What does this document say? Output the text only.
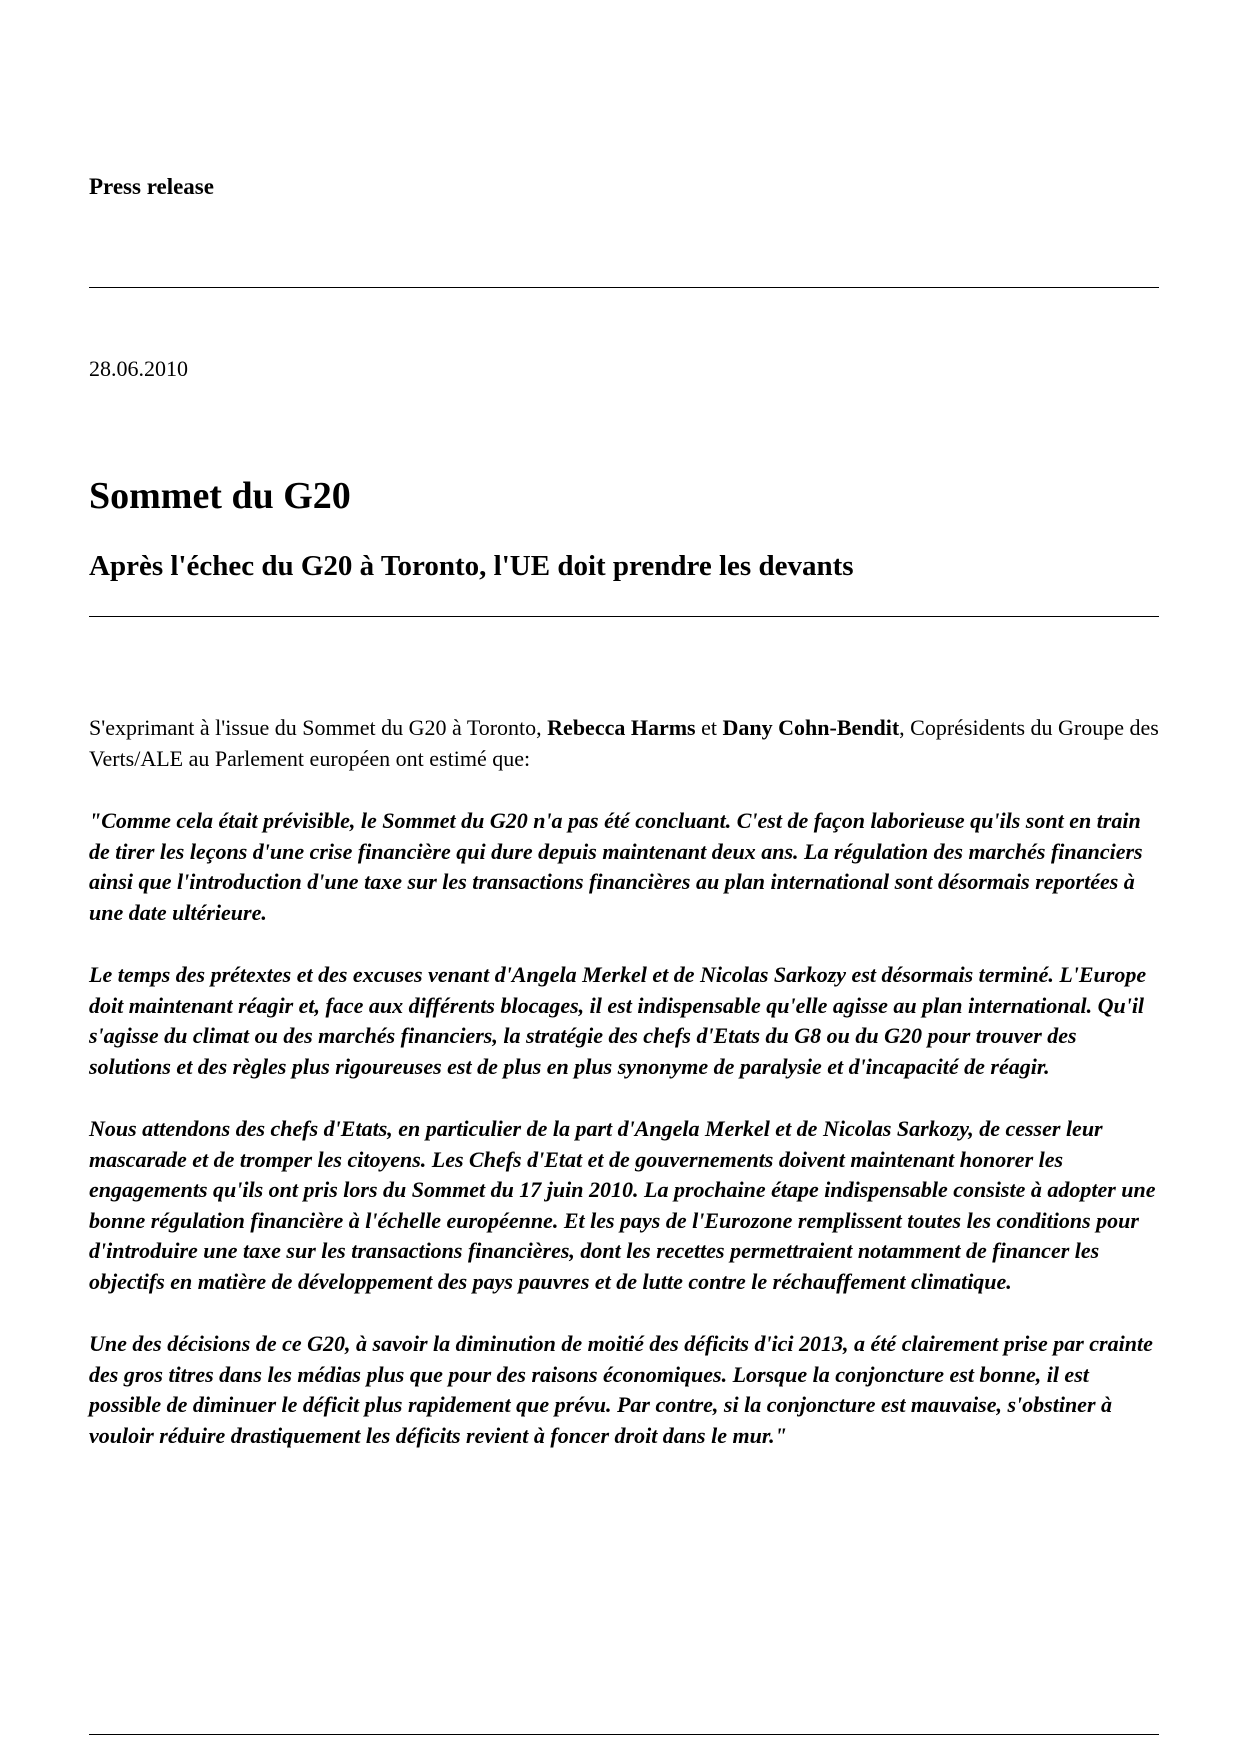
Press release

28.06.2010

Sommet du G20
Après l'échec du G20 à Toronto, l'UE doit prendre les devants

S'exprimant à l'issue du Sommet du G20 à Toronto, Rebecca Harms et Dany Cohn-Bendit, Coprésidents du Groupe des Verts/ALE au Parlement européen ont estimé que:

"Comme cela était prévisible, le Sommet du G20 n'a pas été concluant. C'est de façon laborieuse qu'ils sont en train de tirer les leçons d'une crise financière qui dure depuis maintenant deux ans. La régulation des marchés financiers ainsi que l'introduction d'une taxe sur les transactions financières au plan international sont désormais reportées à une date ultérieure.

Le temps des prétextes et des excuses venant d'Angela Merkel et de Nicolas Sarkozy est désormais terminé. L'Europe doit maintenant réagir et, face aux différents blocages, il est indispensable qu'elle agisse au plan international. Qu'il s'agisse du climat ou des marchés financiers, la stratégie des chefs d'Etats du G8 ou du G20 pour trouver des solutions et des règles plus rigoureuses est de plus en plus synonyme de paralysie et d'incapacité de réagir.

Nous attendons des chefs d'Etats, en particulier de la part d'Angela Merkel et de Nicolas Sarkozy, de cesser leur mascarade et de tromper les citoyens. Les Chefs d'Etat et de gouvernements doivent maintenant honorer les engagements qu'ils ont pris lors du Sommet du 17 juin 2010. La prochaine étape indispensable consiste à adopter une bonne régulation financière à l'échelle européenne. Et les pays de l'Eurozone remplissent toutes les conditions pour d'introduire une taxe sur les transactions financières, dont les recettes permettraient notamment de financer les objectifs en matière de développement des pays pauvres et de lutte contre le réchauffement climatique.

Une des décisions de ce G20, à savoir la diminution de moitié des déficits d'ici 2013, a été clairement prise par crainte des gros titres dans les médias plus que pour des raisons économiques. Lorsque la conjoncture est bonne, il est possible de diminuer le déficit plus rapidement que prévu. Par contre, si la conjoncture est mauvaise, s'obstiner à vouloir réduire drastiquement les déficits revient à foncer droit dans le mur."
